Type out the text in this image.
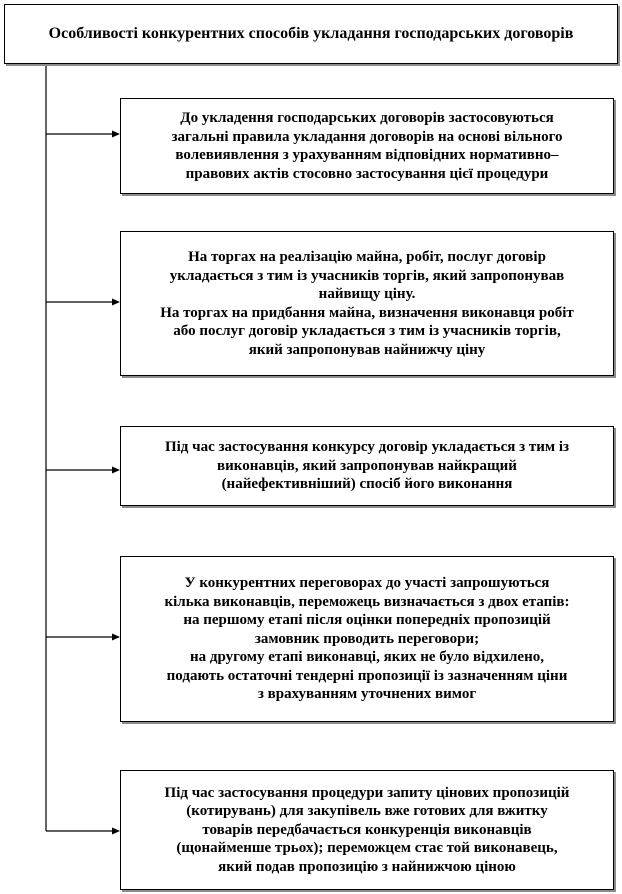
Особливості конкурентних способів укладання господарських договорів
До укладення господарських договорів застосовуються
загальні правила укладання договорів на основі вільного
волевиявлення з урахуванням відповідних нормативно–
правових актів стосовно застосування цієї процедури
На торгах на реалізацію майна, робіт, послуг договір
укладається з тим із учасників торгів, який запропонував
найвищу ціну.
На торгах на придбання майна, визначення виконавця робіт
або послуг договір укладається з тим із учасників торгів,
який запропонував найнижчу ціну
Під час застосування конкурсу договір укладається з тим із
виконавців, який запропонував найкращий
(найефективніший) спосіб його виконання
У конкурентних переговорах до участі запрошуються
кілька виконавців, переможець визначається з двох етапів:
на першому етапі після оцінки попередніх пропозицій
замовник проводить переговори;
на другому етапі виконавці, яких не було відхилено,
подають остаточні тендерні пропозиції із зазначенням ціни
з врахуванням уточнених вимог
Під час застосування процедури запиту цінових пропозицій
(котирувань) для закупівель вже готових для вжитку
товарів передбачається конкуренція виконавців
(щонайменше трьох); переможцем стає той виконавець,
який подав пропозицію з найнижчою ціною
